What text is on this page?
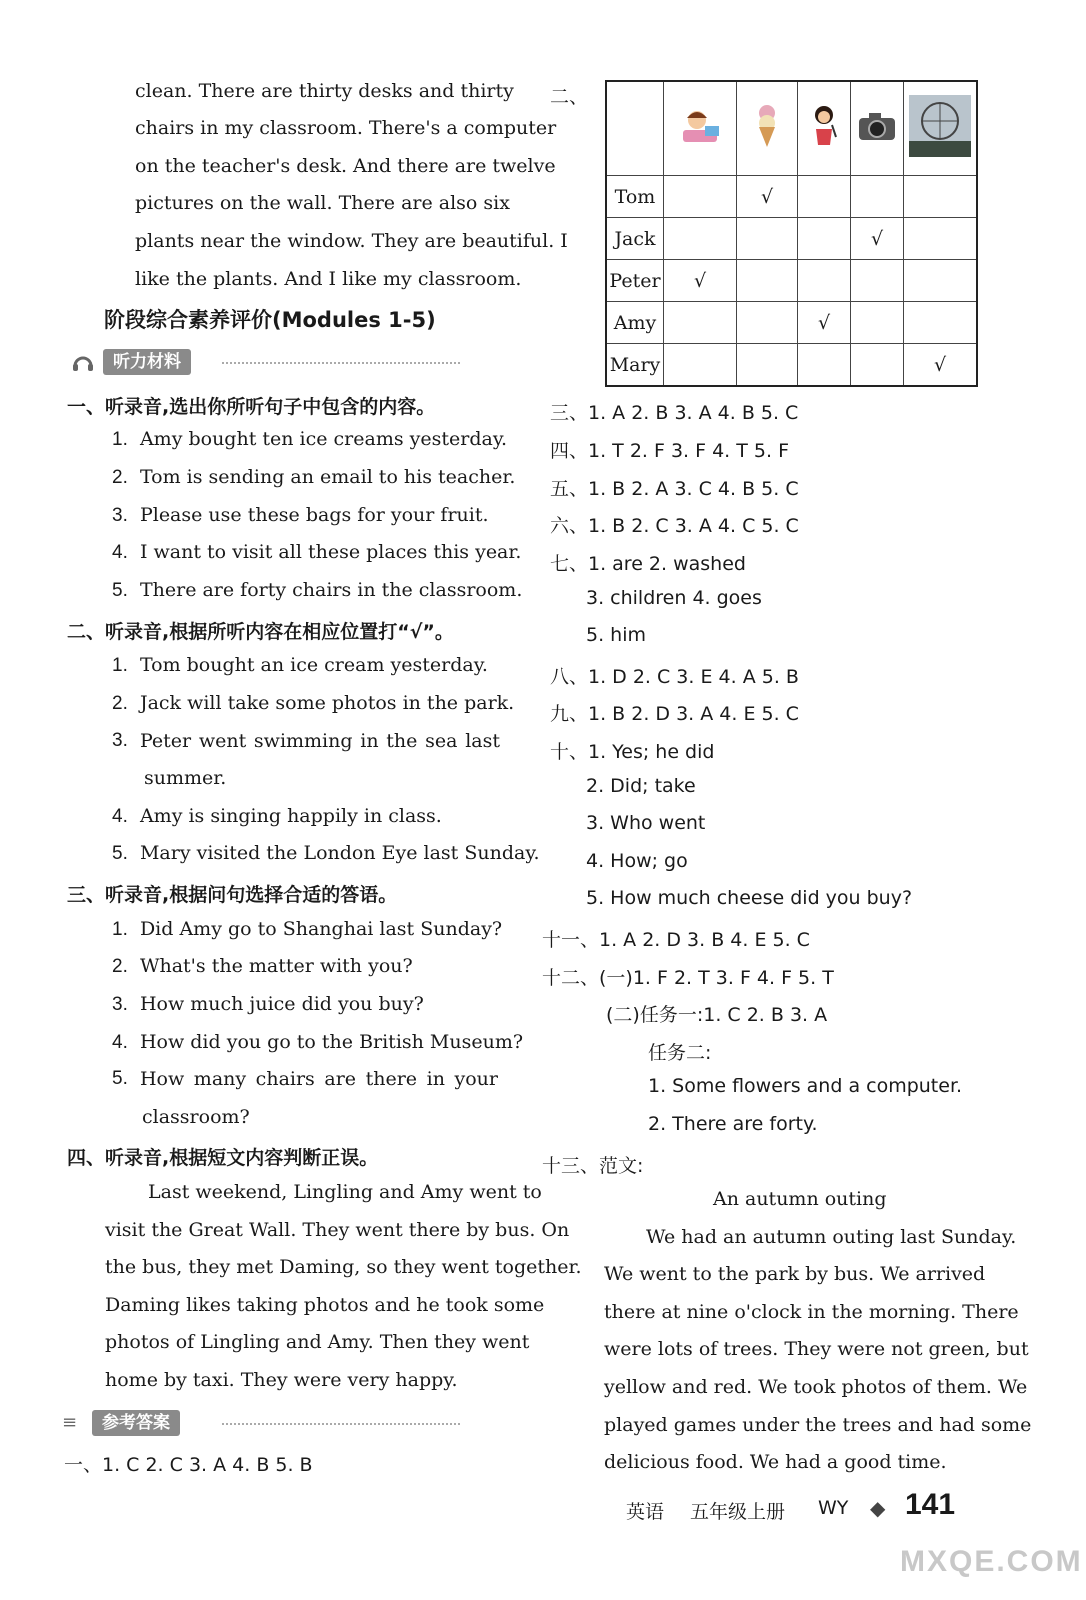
clean. There are thirty desks and thirty
chairs in my classroom. There's a computer
on the teacher's desk. And there are twelve
pictures on the wall. There are also six
plants near the window. They are beautiful. I
like the plants. And I like my classroom.
阶段综合素养评价(Modules 1-5)
听力材料
一、听录音,选出你所听句子中包含的内容。
1. Amy bought ten ice creams yesterday.
2. Tom is sending an email to his teacher.
3. Please use these bags for your fruit.
4. I want to visit all these places this year.
5. There are forty chairs in the classroom.
二、听录音,根据所听内容在相应位置打“√”。
1. Tom bought an ice cream yesterday.
2. Jack will take some photos in the park.
3.
Peter went swimming in the sea last
summer.
4. Amy is singing happily in class.
5. Mary visited the London Eye last Sunday.
三、听录音,根据问句选择合适的答语。
1. Did Amy go to Shanghai last Sunday?
2. What's the matter with you?
3. How much juice did you buy?
4. How did you go to the British Museum?
5.
How many chairs are there in your
classroom?
四、听录音,根据短文内容判断正误。
Last weekend, Lingling and Amy went to
visit the Great Wall. They went there by bus. On
the bus, they met Daming, so they went together.
Daming likes taking photos and he took some
photos of Lingling and Amy. Then they went
home by taxi. They were very happy.
≡	参考答案
一、1. C 2. C 3. A 4. B 5. B
二、

Tom		√			
Jack				√	
Peter	√				
Amy			√		
Mary					√
三、1. A 2. B 3. A 4. B 5. C
四、1. T 2. F 3. F 4. T 5. F
五、1. B 2. A 3. C 4. B 5. C
六、1. B 2. C 3. A 4. C 5. C
七、1. are 2. washed
3. children 4. goes
5. him
八、1. D 2. C 3. E 4. A 5. B
九、1. B 2. D 3. A 4. E 5. C
十、1. Yes; he did
2. Did; take
3. Who went
4. How; go
5. How much cheese did you buy?
十一、1. A 2. D 3. B 4. E 5. C
十二、(一)1. F 2. T 3. F 4. F 5. T
(二)任务一:1. C 2. B 3. A
任务二:
1. Some flowers and a computer.
2. There are forty.
十三、范文:
An autumn outing
We had an autumn outing last Sunday.
We went to the park by bus. We arrived
there at nine o'clock in the morning. There
were lots of trees. They were not green, but
yellow and red. We took photos of them. We
played games under the trees and had some
delicious food. We had a good time.
英语 五年级上册 WY ◆ 141
MXQE.COM
